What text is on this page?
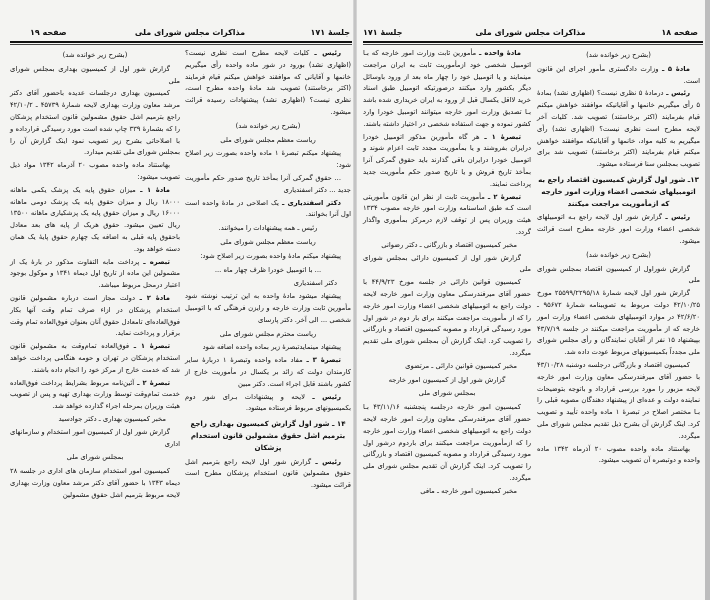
جلسهٔ ۱۷۱
مذاکرات مجلس شورای ملی
صفحه ۱۹
(بشرح زیر خوانده شد)
گزارش شور اول از کمیسیون بهداری بمجلس شورای ملی
کمیسیون بهداری درجلسات عدیده باحضور آقای دکتر مرشد معاون وزارت بهداری لایحه شمارهٔ ۴۵۷۳۹ ـ ۴۲/۱۰/۲ راجع بترمیم اشل حقوق مشمولین قانون استخدام پزشکان را که بشمارهٔ ۳۳۹ چاپ شده است مورد رسیدگی قرارداده و با اصلاحاتی بشرح زیر تصویب نمود اینک گزارش آن را بمجلس شورای ملی تقدیم میدارد.
بهاستناد ماده واحده مصوب ۲۰ آذرماه ۱۳۴۲ مواد ذیل تصویب میشود:
مادهٔ ۱ ـ میزان حقوق پایه یک پزشک یکمی ماهانه ۱۸۰۰۰ ریال و میزان حقوق پایه یک پزشک دومی ماهانه ۱۶۰۰۰ ریال و میزان حقوق پایه یک پزشکیاری ماهانه ۱۳۵۰۰ ریال تعیین میشود. حقوق هریک از پایه های بعد معادل باحقوق پایه قبلی به اضافه یک چهارم حقوق پایهٔ یک همان دسته خواهد بود.
تبصره ـ پرداخت مابه التفاوت مذکور در بارهٔ یک از مشمولین این ماده از تاریخ اول دیماه ۱۳۴۱ و موکول بوجود اعتبار درمحل مربوط میباشد.
مادهٔ ۲ ـ دولت مجاز است درباره مشمولین قانون استخدام پزشکان در ازاء صرف تمام وقت آنها بکار فوق‌العاده‌ای تامعادل حقوق آنان بعنوان فوق‌العاده تمام وقت برقرار و پرداخت نماید.
تبصرهٔ ۱ ـ فوق‌العاده تمام‌وقت به مشمولین قانون استخدام پزشکان در تهران و حومه هنگامی پرداخت خواهد شد که خدمت خارج از مرکز خود را انجام داده باشند.
تبصرهٔ ۲ ـ آئین‌نامه مربوط بشرایط پرداخت فوق‌العاده خدمت تمام‌وقت توسط وزارت بهداری تهیه و پس از تصویب هیئت وزیران بمرحله اجراء گذارده خواهد شد.
مخبر کمیسیون بهداری ـ دکتر جوادسید
گزارش شور اول از کمیسیون امور استخدام و سازمانهای اداری
بمجلس شورای ملی
کمیسیون امور استخدام سازمان های اداری در جلسه ۲۸ دیماه ۱۳۴۳ با حضور آقای دکتر مرشد معاون وزارت بهداری لایحه مربوط بترمیم اشل حقوق مشمولین
رئیس ـ کلیات لایحه مطرح است نظری نیست؟ (اظهاری نشد) بورود در شور ماده واحده رأی میگیریم خانمها و آقایانی که موافقند خواهش میکنم قیام فرمایند (اکثر برخاستند) تصویب شد مادهٔ واحده مطرح است، نظری نیست؟ (اظهاری نشد) پیشنهادات رسیده قرائت میشود.
(بشرح زیر خوانده شد)
ریاست معظم مجلس شورای ملی
پیشنهاد میکنم تبصرهٔ ۱ ماده واحده بصورت زیر اصلاح شود:
... حقوق گمرکی آنرا بمأخذ تاریخ صدور حکم مأموریت جدید ... دکتر اسفندیاری
دکتر اسفندیاری ـ یک اصلاحی در مادهٔ واحده است اول آنرا بخوانند.
رئیس ـ همه پیشنهادات را میخوانند.
ریاست معظم مجلس شورای ملی
پیشنهاد میکنم مادهٔ واحده بصورت زیر اصلاح شود:
... با اتومبیل خودرا ظرف چهار ماه ...
دکتر اسفندیاری
پیشنهاد میشود مادهٔ واحده به این ترتیب نوشته شود مأمورین ثابت وزارت خارجه و رایزن فرهنگی که با اتومبیل شخصی ... الی آخر. دکتر پارسای
ریاست محترم مجلس شورای ملی
پیشنهاد مینمایدتبصرهٔ زیر بماده واحده اضافه شود
تبصرهٔ ۳ ـ مفاد ماده واحده وتبصرهٔ ۱ دربارهٔ سایر کارمندان دولت که زائد بر یکسال در مأموریت خارج از کشور باشند قابل اجراء است. دکتر مبین
رئیس ـ لایحه و پیشنهادات بـرای شور دوم بکمیسیونهای مربوط فرستاده میشود.
۱۴ ـ شور اول گزارش کمیسیون بهداری راجع بترمیم اشل حقوق مشمولین قانون استخدام پزشکان
رئیس ـ گزارش شور اول لایحه راجع بترمیم اشل حقوق مشمولین قانون استخدام پزشکان مطرح است قرائت میشود.
صفحه ۱۸
مذاکرات مجلس شورای ملی
جلسهٔ ۱۷۱
مادهٔ واحده ـ مأمورین ثابت وزارت امور خارجه که بـا اتومبیل شخصی خود ازمأموریت ثابت به ایران مراجعت مینمایند و یا اتومبیل خود را چهار ماه بعد از ورود باوسائل دیگر بکشور وارد میکنند درصورتیکه اتومبیل طبق اسناد خرید لااقل یکسال قبل از ورود به ایران خریداری شده باشد بـا تصدیق وزارت امور خارجه میتوانند اتومبیل خودرا وارد کشور نموده و جهت استفاده شخصی در اختیار داشته باشند.
تبصرهٔ ۱ ـ هر گاه مأمورین مذکور اتومبیل خودرا درایران بفروشند و یا بمأموریت مجدد ثابت اعزام شوند و اتومبیل خودرا درایران باقی گذارند باید حقوق گمرکی آنرا بمأخذ تاریخ فروش و یا تاریخ صدور حکم مأموریت جدید پرداخت نمایند.
تبصرهٔ ۲ ـ مأموریت ثابت از نظر این قانون مأموریتی است کـه طبق اساسنامه وزارت امور خارجه مصوب ۱۳۳۴ هیئت وزیران پس از توقف لازم درمرکز بمأموری واگذار گردد.
مخبر کمیسیون اقتصاد و بازرگانی ـ دکتر رضوانی
گزارش شور اول از کمیسیون دارائی بمجلس شورای ملی
کمیسیون قوانین دارائی در جلسه مورخ ۴۴/۹/۲۳ با حضور آقای میرفندرسکی معاون وزارت امور خارجه لایحه دولت راجع به اتومبیلهای شخصی اعضاء وزارت امور خارجه را که از مأموریت مراجعت میکنند برای بار دوم در شور اول مورد رسیدگی قرارداد و مصوبه کمیسیون اقتصاد و بازرگانی را تصویب کرد. اینک گزارش آن بمجلس شورای ملی تقدیم میگردد.
مخبر کمیسیون قوانین دارائی ـ مرتضوی
گزارش شور اول از کمیسیون امور خارجه
بمجلس شورای ملی
کمیسیون امور خارجه درجلسه پنجشنبه ۴۳/۱۱/۱۶ بـا حضور آقای میرفندرسکی معاون وزارت امور خارجه لایحه دولت راجع به اتومبیلهای شخصی اعضاء وزارت امور خارجه را که ازمأموریت مراجعت میکنند برای باردوم درشور اول مورد رسیدگی قرارداد و مصوبه کمیسیون اقتصاد و بازرگانی را تصویب کرد. اینک گزارش آن تقدیم مجلس شورای ملی میگردد.
مخبر کمیسیون امور خارجه ـ مافی
(بشرح زیر خوانده شد)
مادهٔ ۵ ـ وزارت دادگستری مأمور اجرای این قانون است.
رئیس ـ درمادهٔ ۵ نظری نیست؟ (اظهاری نشد) بمادهٔ ۵ رأی میگیریم خانمها و آقایانیکه موافقند خواهش میکنم قیام بفرمایند (اکثر برخاستند) تصویب شد. کلیات آخر لایحه مطرح است نظری نیست؟ (اظهاری نشد) رأی میگیریم به کلیه مواد، خانمها و آقایانیکه موافقند خواهش میکنم قیام بفرمایند (اکثر برخاستند) تصویب شد برای تصویب بمجلس سنا فرستاده میشود.
۱۳ـ شور اول گزارش کمیسیون اقتصاد راجع به اتومبیلهای شخصی اعضاء وزارت امور خارجه که ازمأموریت مراجعت میکنند
رئیس ـ گزارش شور اول لایحه راجع بـه اتومبیلهای شخصی اعضاء وزارت امور خارجه مطرح است قرائت میشود.
(بشرح زیر خوانده شد)
گزارش شوراول از کمیسیون اقتصاد بمجلس شورای ملی
گزارش شور اول لایحه شمارهٔ ۲۵۵۹۹/۲۲۹۵/۱۸ مورخ ۴۲/۱۰/۲۵ دولت مربوط به تصویبنامه شمارهٔ ۹۵۶۷۲ ـ ۴۲/۶/۲۰ در موارد اتومبیلهای شخصی اعضاء وزارت امور خارجه که از مأموریت مراجعت میکنند در جلسه ۴۳/۷/۱۹ بپیشنهاد ۱۵ نفر از آقایان نمایندگان و رأی مجلس شورای ملی مجدداً بکمیسیونهای مربوط عودت داده شد.
کمیسیون اقتصاد و بازرگانی درجلسه دوشنبه ۴۳/۱۰/۲۸ با حضور آقای میرفندرسکی معاون وزارت امور خارجه لایحه مزبور را مورد بررسی قرارداد و باتوجه بتوضیحات نماینده دولت و عده‌ای از پیشنهاد دهندگان مصوبه قبلی را بـا مختصر اصلاح در تبصرهٔ ۱ ماده واحده تأیید و تصویب کرد. اینک گزارش آن بشرح ذیل تقدیم مجلس شورای ملی میگردد.
بهاستناد ماده واحده مصوب ۲۰ آذرماه ۱۳۴۲ ماده واحده و دوتبصره آن تصویب میشود.
